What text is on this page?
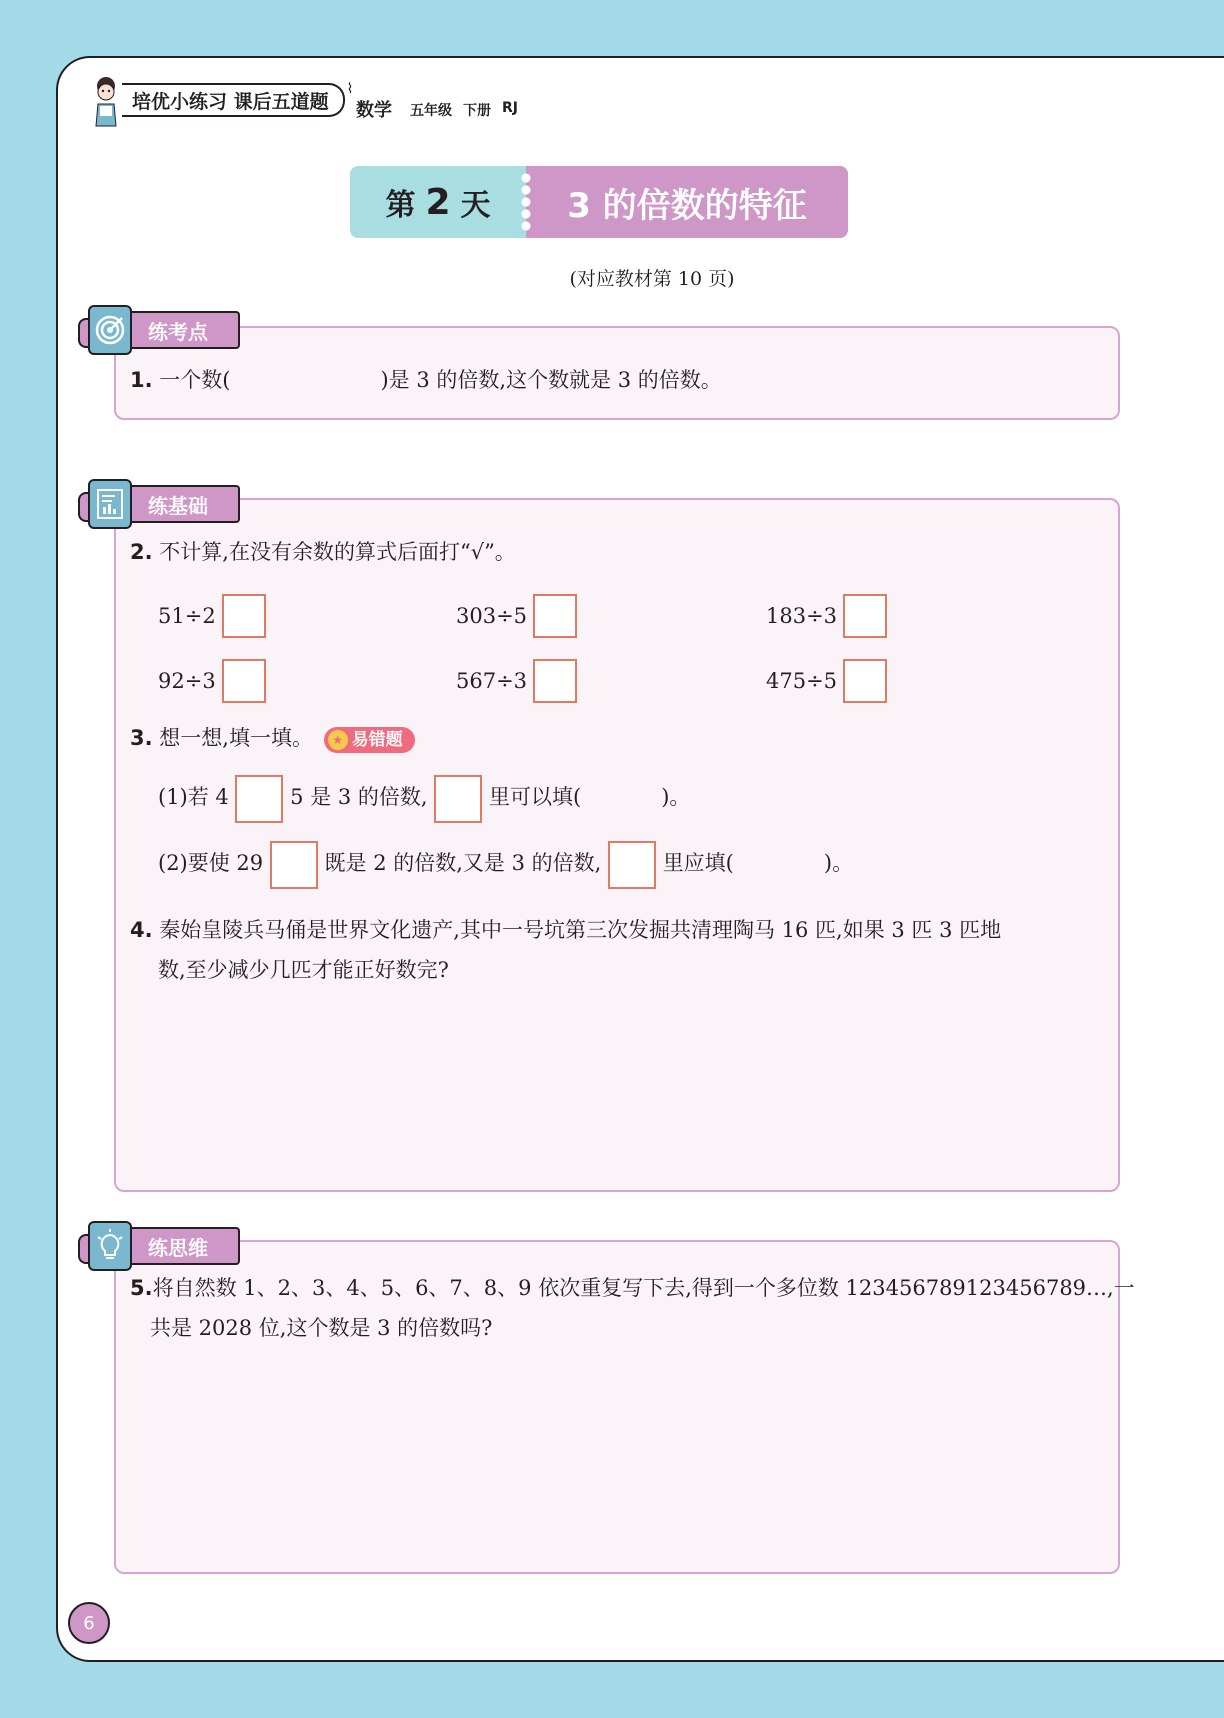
培优小练习 课后五道题
⌇
数学 五年级 下册 RJ
第 2 天	3 的倍数的特征
(对应教材第 10 页)
练考点
1. 一个数(	)是 3 的倍数,这个数就是 3 的倍数。
练基础
2. 不计算,在没有余数的算式后面打“√”。
51÷2	303÷5	183÷3
92÷3	567÷3	475÷5
3. 想一想,填一填。	★ 易错题
(1)若 4	5 是 3 的倍数,	里可以填(	)。
(2)要使 29	既是 2 的倍数,又是 3 的倍数,	里应填(	)。
4. 秦始皇陵兵马俑是世界文化遗产,其中一号坑第三次发掘共清理陶马 16 匹,如果 3 匹 3 匹地
数,至少减少几匹才能正好数完?
练思维
5.将自然数 1、2、3、4、5、6、7、8、9 依次重复写下去,得到一个多位数 123456789123456789…,一
共是 2028 位,这个数是 3 的倍数吗?
6
